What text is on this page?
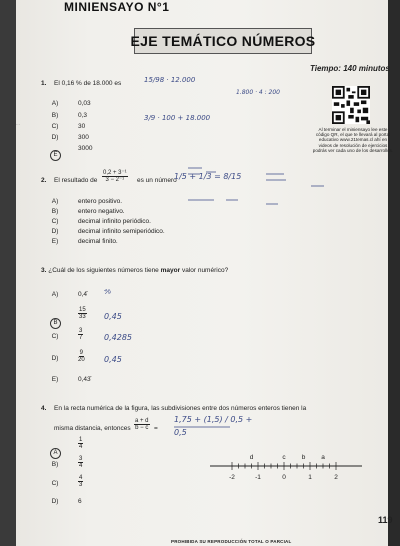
MINIENSAYO N°1
EJE TEMÁTICO NÚMEROS
Tiempo: 140 minutos
Al terminar el miniensayo lee este código QR, el que te llevará al portal educativo www.21temas.cl ahí en videos de resolución de ejercicios podrás ver cada uno de los desarrollos.
1. El 0,16 % de 18.000 es
A)	0,03
B)	0,3
C)	30
D)	300
E
3000
15/98 · 12.000
1.800 · 4 : 200
3/9 · 100 + 18.000
2. El resultado de $\frac{\text{0,2 + 3⁻¹}}{\text{3 − 2⁻¹}}$ es un número
A)	entero positivo.
B)	entero negativo.
C)	decimal infinito periódico.
D)	decimal infinito semiperiódico.
E)	decimal finito.
1/5 + 1/3 = 8/15
3. ¿Cuál de los siguientes números tiene mayor valor numérico?
A)	0,4̄
B
$\frac{15}{33}$
C)	$\frac{3}{7}$
D)	$\frac{9}{20}$
E)	0,43̄
⁴⁄₉
0,45
0,4285
0,45
4. En la recta numérica de la figura, las subdivisiones entre dos números enteros tienen la
misma distancia, entonces $\frac{a + d}{b - c}$ =
1,75 + (1,5) / 0,5 + 0,5
A
$\frac{1}{4}$
B)	$\frac{3}{4}$
C)	$\frac{4}{3}$
D)	6
-2	-1	0	1	2
d	c b a
∙∙∙
119
PROHIBIDA SU REPRODUCCIÓN TOTAL O PARCIAL
